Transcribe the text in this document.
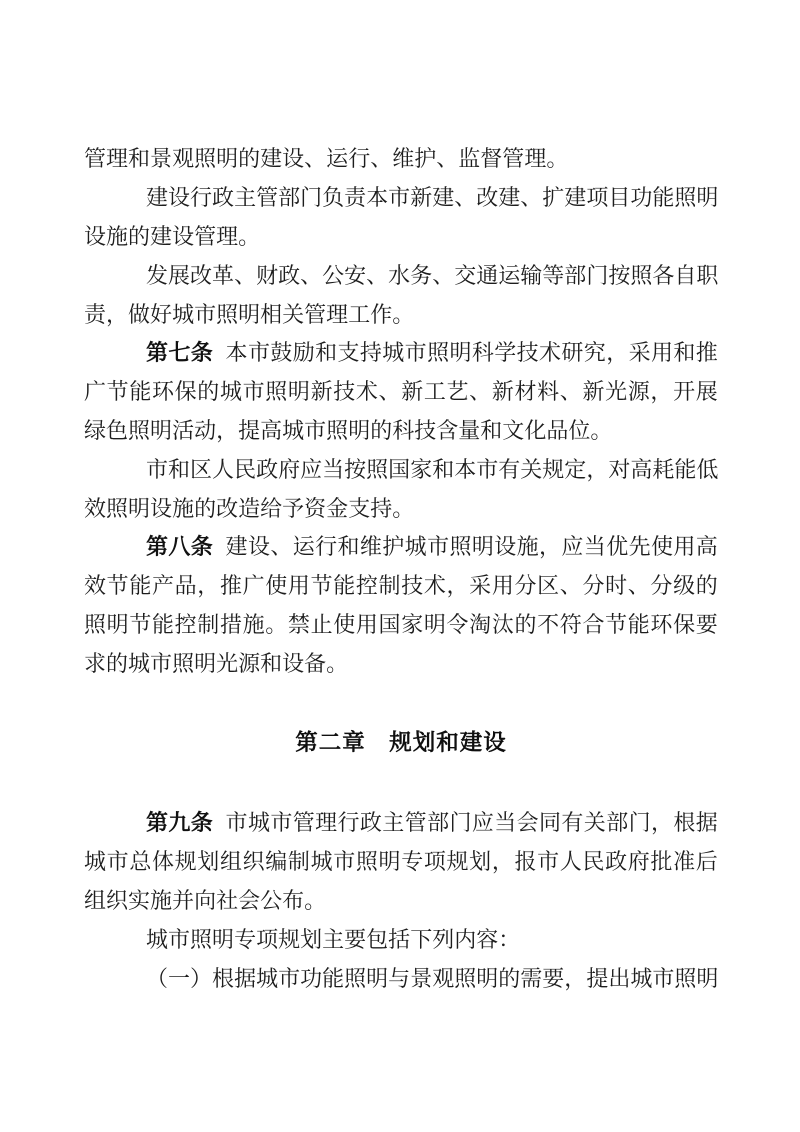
管 理 和 景 观 照 明 的 建 设 、 运 行 、 维 护 、 监 督 管 理 。
建 设 行 政 主 管 部 门 负 责 本 市 新 建 、 改 建 、 扩 建 项 目 功 能 照 明
设 施 的 建 设 管 理 。
发 展 改 革 、 财 政 、 公 安 、 水 务 、 交 通 运 输 等 部 门 按 照 各 自 职
责 ， 做 好 城 市 照 明 相 关 管 理 工 作 。
第 七 条
　 本 市 鼓 励 和 支 持 城 市 照 明 科 学 技 术 研 究 ， 采 用 和 推
广 节 能 环 保 的 城 市 照 明 新 技 术 、 新 工 艺 、 新 材 料 、 新 光 源 ， 开 展
绿 色 照 明 活 动 ， 提 高 城 市 照 明 的 科 技 含 量 和 文 化 品 位 。
市 和 区 人 民 政 府 应 当 按 照 国 家 和 本 市 有 关 规 定 ， 对 高 耗 能 低
效 照 明 设 施 的 改 造 给 予 资 金 支 持 。
第 八 条
　 建 设 、 运 行 和 维 护 城 市 照 明 设 施 ， 应 当 优 先 使 用 高
效 节 能 产 品 ， 推 广 使 用 节 能 控 制 技 术 ， 采 用 分 区 、 分 时 、 分 级 的
照 明 节 能 控 制 措 施 。 禁 止 使 用 国 家 明 令 淘 汰 的 不 符 合 节 能 环 保 要
求 的 城 市 照 明 光 源 和 设 备 。
第二章　规划和建设
第 九 条
　 市 城 市 管 理 行 政 主 管 部 门 应 当 会 同 有 关 部 门 ， 根 据
城 市 总 体 规 划 组 织 编 制 城 市 照 明 专 项 规 划 ， 报 市 人 民 政 府 批 准 后
组 织 实 施 并 向 社 会 公 布 。
城 市 照 明 专 项 规 划 主 要 包 括 下 列 内 容 ：
（ 一 ） 根 据 城 市 功 能 照 明 与 景 观 照 明 的 需 要 ， 提 出 城 市 照 明
